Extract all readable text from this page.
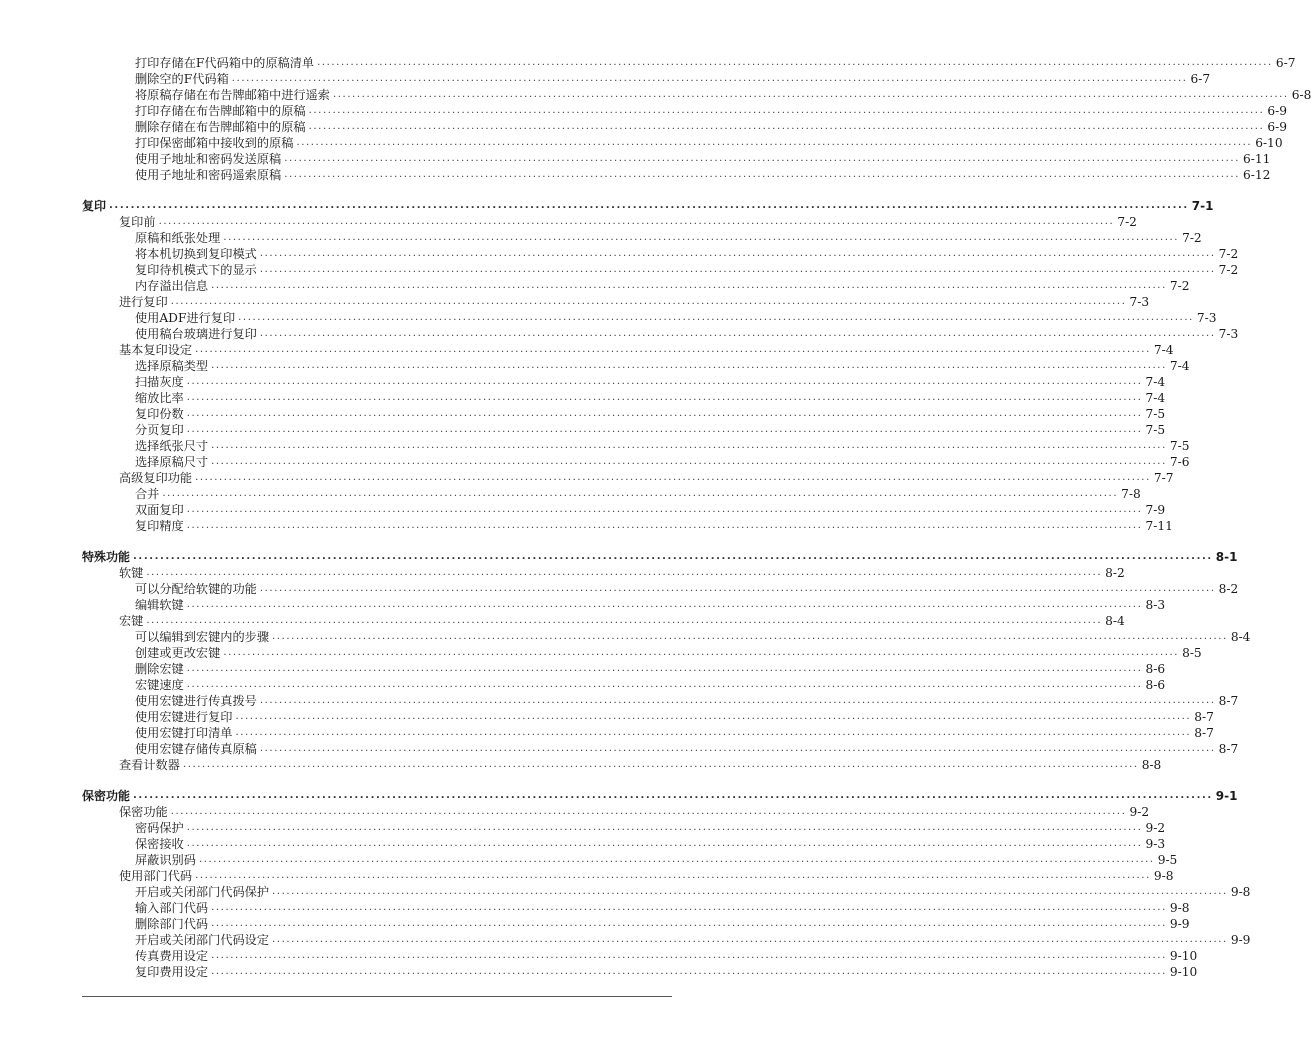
打印存储在F代码箱中的原稿清单 ........................................................................................................................................................................................................ 6-7
删除空的F代码箱 ........................................................................................................................................................................................................ 6-7
将原稿存储在布告牌邮箱中进行遥索 ........................................................................................................................................................................................................ 6-8
打印存储在布告牌邮箱中的原稿 ........................................................................................................................................................................................................ 6-9
删除存储在布告牌邮箱中的原稿 ........................................................................................................................................................................................................ 6-9
打印保密邮箱中接收到的原稿 ........................................................................................................................................................................................................ 6-10
使用子地址和密码发送原稿 ........................................................................................................................................................................................................ 6-11
使用子地址和密码遥索原稿 ........................................................................................................................................................................................................ 6-12
复印 ........................................................................................................................................................................................................ 7-1
复印前 ........................................................................................................................................................................................................ 7-2
原稿和纸张处理 ........................................................................................................................................................................................................ 7-2
将本机切换到复印模式 ........................................................................................................................................................................................................ 7-2
复印待机模式下的显示 ........................................................................................................................................................................................................ 7-2
内存溢出信息 ........................................................................................................................................................................................................ 7-2
进行复印 ........................................................................................................................................................................................................ 7-3
使用ADF进行复印 ........................................................................................................................................................................................................ 7-3
使用稿台玻璃进行复印 ........................................................................................................................................................................................................ 7-3
基本复印设定 ........................................................................................................................................................................................................ 7-4
选择原稿类型 ........................................................................................................................................................................................................ 7-4
扫描灰度 ........................................................................................................................................................................................................ 7-4
缩放比率 ........................................................................................................................................................................................................ 7-4
复印份数 ........................................................................................................................................................................................................ 7-5
分页复印 ........................................................................................................................................................................................................ 7-5
选择纸张尺寸 ........................................................................................................................................................................................................ 7-5
选择原稿尺寸 ........................................................................................................................................................................................................ 7-6
高级复印功能 ........................................................................................................................................................................................................ 7-7
合并 ........................................................................................................................................................................................................ 7-8
双面复印 ........................................................................................................................................................................................................ 7-9
复印精度 ........................................................................................................................................................................................................ 7-11
特殊功能 ........................................................................................................................................................................................................ 8-1
软键 ........................................................................................................................................................................................................ 8-2
可以分配给软键的功能 ........................................................................................................................................................................................................ 8-2
编辑软键 ........................................................................................................................................................................................................ 8-3
宏键 ........................................................................................................................................................................................................ 8-4
可以编辑到宏键内的步骤 ........................................................................................................................................................................................................ 8-4
创建或更改宏键 ........................................................................................................................................................................................................ 8-5
删除宏键 ........................................................................................................................................................................................................ 8-6
宏键速度 ........................................................................................................................................................................................................ 8-6
使用宏键进行传真拨号 ........................................................................................................................................................................................................ 8-7
使用宏键进行复印 ........................................................................................................................................................................................................ 8-7
使用宏键打印清单 ........................................................................................................................................................................................................ 8-7
使用宏键存储传真原稿 ........................................................................................................................................................................................................ 8-7
查看计数器 ........................................................................................................................................................................................................ 8-8
保密功能 ........................................................................................................................................................................................................ 9-1
保密功能 ........................................................................................................................................................................................................ 9-2
密码保护 ........................................................................................................................................................................................................ 9-2
保密接收 ........................................................................................................................................................................................................ 9-3
屏蔽识别码 ........................................................................................................................................................................................................ 9-5
使用部门代码 ........................................................................................................................................................................................................ 9-8
开启或关闭部门代码保护 ........................................................................................................................................................................................................ 9-8
输入部门代码 ........................................................................................................................................................................................................ 9-8
删除部门代码 ........................................................................................................................................................................................................ 9-9
开启或关闭部门代码设定 ........................................................................................................................................................................................................ 9-9
传真费用设定 ........................................................................................................................................................................................................ 9-10
复印费用设定 ........................................................................................................................................................................................................ 9-10
